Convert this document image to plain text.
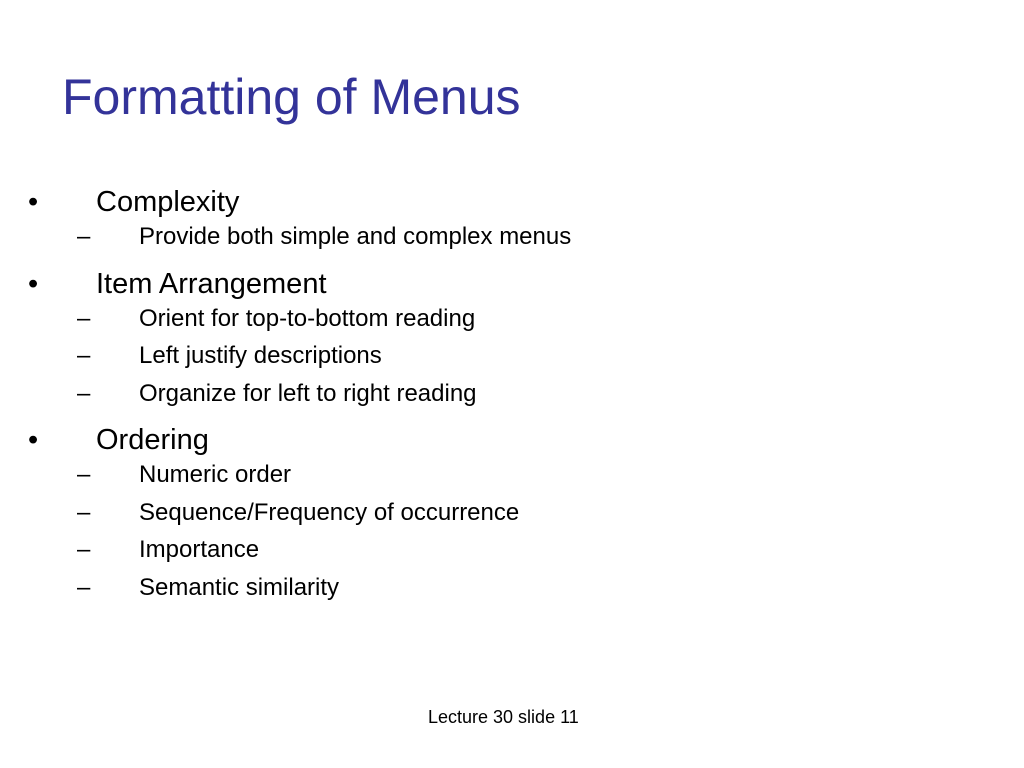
Formatting of Menus
• Complexity
– Provide both simple and complex menus
• Item Arrangement
– Orient for top-to-bottom reading
– Left justify descriptions
– Organize for left to right reading
• Ordering
– Numeric order
– Sequence/Frequency of occurrence
– Importance
– Semantic similarity
Lecture 30 slide 11
